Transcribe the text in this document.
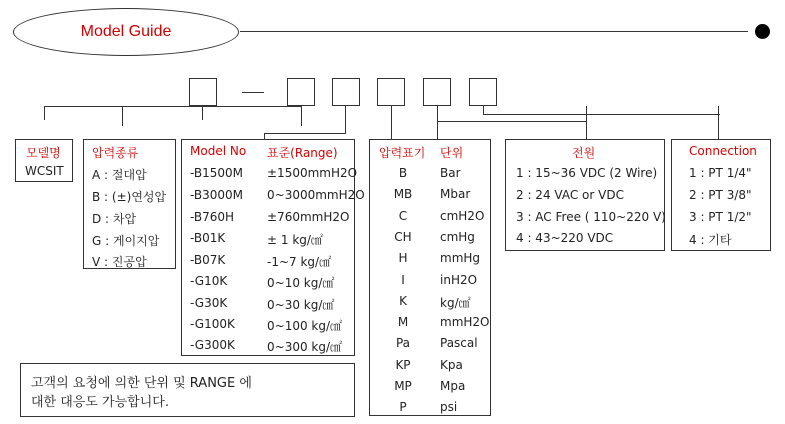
Model Guide
모델명
WCSIT
압력종류
A : 절대압
B : (±)연성압
D : 차압
G : 게이지압
V : 진공압
Model No 표준(Range)
-B1500M ±1500mmH2O
-B3000M 0~3000mmH2O
-B760H	±760mmH2O
-B01K	± 1 kg/㎠
-B07K	-1~7 kg/㎠
-G10K	0~10 kg/㎠
-G30K	0~30 kg/㎠
-G100K	0~100 kg/㎠
-G300K	0~300 kg/㎠
압력표기 단위
B	Bar
MB	Mbar
C	cmH2O
CH	cmHg
H	mmHg
I	inH2O
K	kg/㎠
M	mmH2O
Pa	Pascal
KP	Kpa
MP	Mpa
P	psi
전원
1 : 15~36 VDC (2 Wire)
2 : 24 VAC or VDC
3 : AC Free ( 110~220 V)
4 : 43~220 VDC
Connection
1 : PT 1/4"
2 : PT 3/8"
3 : PT 1/2"
4 : 기타
고객의 요청에 의한 단위 및 RANGE 에
대한 대응도 가능합니다.
